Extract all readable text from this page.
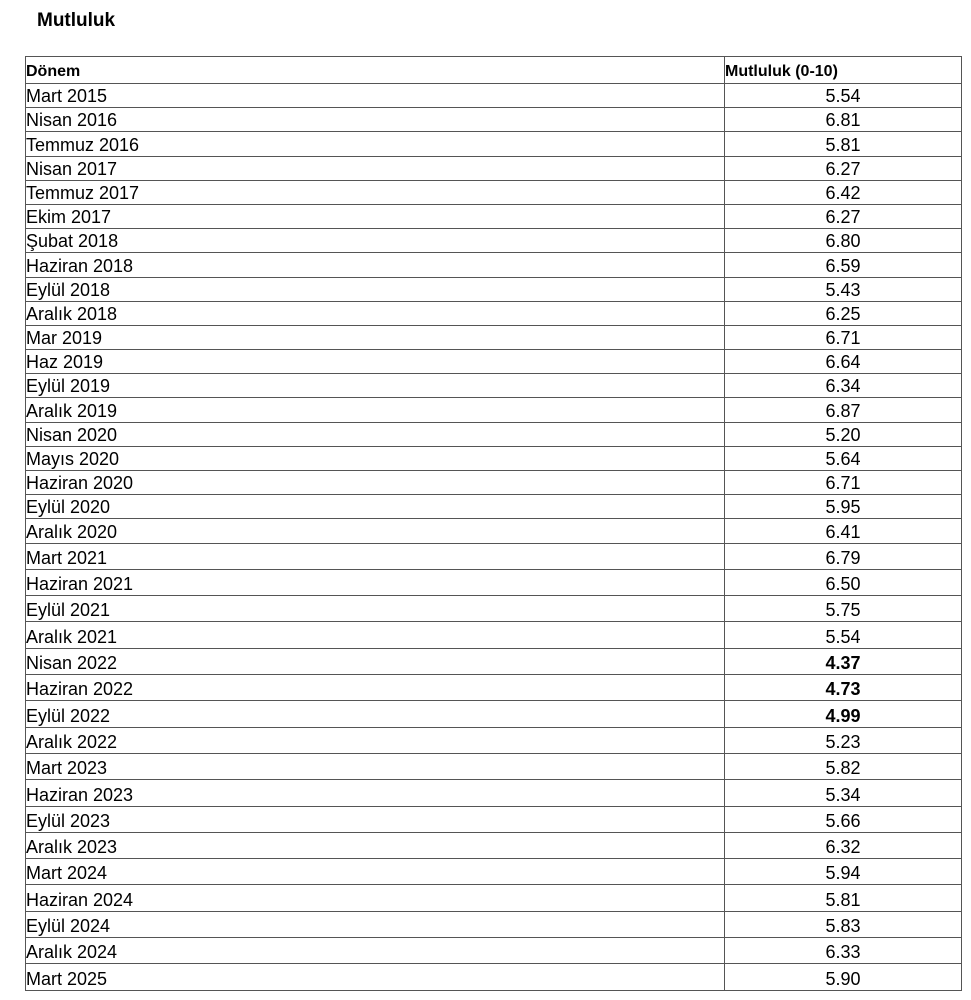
Mutluluk
Dönem	Mutluluk (0-10)
Mart 2015	5.54
Nisan 2016	6.81
Temmuz 2016	5.81
Nisan 2017	6.27
Temmuz 2017	6.42
Ekim 2017	6.27
Şubat 2018	6.80
Haziran 2018	6.59
Eylül 2018	5.43
Aralık 2018	6.25
Mar 2019	6.71
Haz 2019	6.64
Eylül 2019	6.34
Aralık 2019	6.87
Nisan 2020	5.20
Mayıs 2020	5.64
Haziran 2020	6.71
Eylül 2020	5.95
Aralık 2020	6.41
Mart 2021	6.79
Haziran 2021	6.50
Eylül 2021	5.75
Aralık 2021	5.54
Nisan 2022	4.37
Haziran 2022	4.73
Eylül 2022	4.99
Aralık 2022	5.23
Mart 2023	5.82
Haziran 2023	5.34
Eylül 2023	5.66
Aralık 2023	6.32
Mart 2024	5.94
Haziran 2024	5.81
Eylül 2024	5.83
Aralık 2024	6.33
Mart 2025	5.90
